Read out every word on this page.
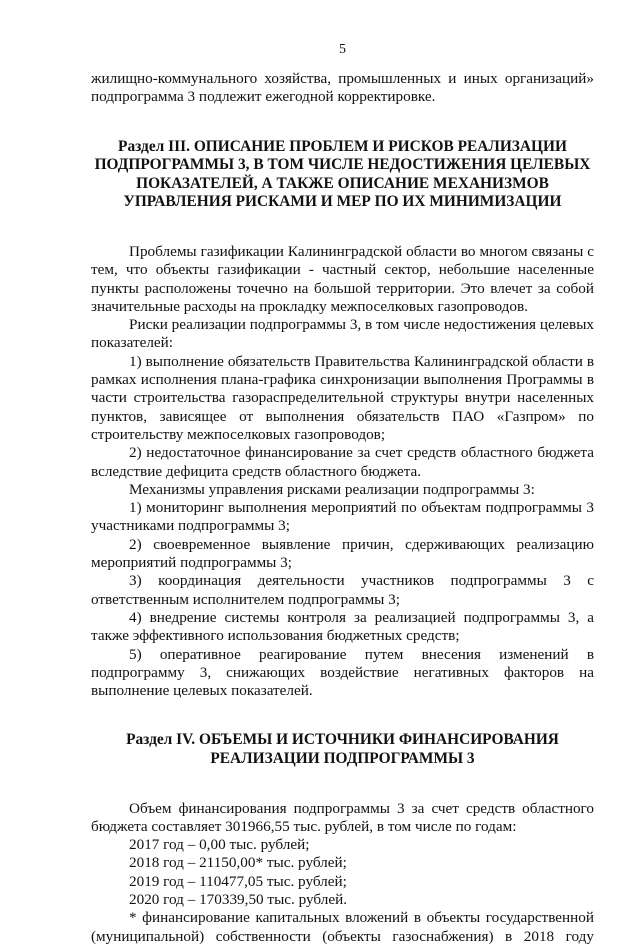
5

жилищно-коммунального хозяйства, промышленных и иных организаций»

подпрограмма 3 подлежит ежегодной корректировке.

Раздел III. ОПИСАНИЕ ПРОБЛЕМ И РИСКОВ РЕАЛИЗАЦИИ
ПОДПРОГРАММЫ 3, В ТОМ ЧИСЛЕ НЕДОСТИЖЕНИЯ ЦЕЛЕВЫХ
ПОКАЗАТЕЛЕЙ, А ТАКЖЕ ОПИСАНИЕ МЕХАНИЗМОВ
УПРАВЛЕНИЯ РИСКАМИ И МЕР ПО ИХ МИНИМИЗАЦИИ

Проблемы газификации Калининградской области во многом связаны с тем, что объекты газификации - частный сектор, небольшие населенные пункты расположены точечно на большой территории. Это влечет за собой значительные расходы на прокладку межпоселковых газопроводов.

Риски реализации подпрограммы 3, в том числе недостижения целевых показателей:

1) выполнение обязательств Правительства Калининградской области в рамках исполнения плана-графика синхронизации выполнения Программы в части строительства газораспределительной структуры внутри населенных пунктов, зависящее от выполнения обязательств ПАО «Газпром» по строительству межпоселковых газопроводов;

2) недостаточное финансирование за счет средств областного бюджета вследствие дефицита средств областного бюджета.

Механизмы управления рисками реализации подпрограммы 3:

1) мониторинг выполнения мероприятий по объектам подпрограммы 3 участниками подпрограммы 3;

2) своевременное выявление причин, сдерживающих реализацию мероприятий подпрограммы 3;

3) координация деятельности участников подпрограммы 3 с ответственным исполнителем подпрограммы 3;

4) внедрение системы контроля за реализацией подпрограммы 3, а также эффективного использования бюджетных средств;

5) оперативное реагирование путем внесения изменений в подпрограмму 3, снижающих воздействие негативных факторов на выполнение целевых показателей.

Раздел IV. ОБЪЕМЫ И ИСТОЧНИКИ ФИНАНСИРОВАНИЯ
РЕАЛИЗАЦИИ ПОДПРОГРАММЫ 3

Объем финансирования подпрограммы 3 за счет средств областного бюджета составляет 301966,55 тыс. рублей, в том числе по годам:

2017 год – 0,00 тыс. рублей;
2018 год – 21150,00* тыс. рублей;
2019 год – 110477,05 тыс. рублей;
2020 год – 170339,50 тыс. рублей.

* финансирование капитальных вложений в объекты государственной (муниципальной) собственности (объекты газоснабжения) в 2018 году
